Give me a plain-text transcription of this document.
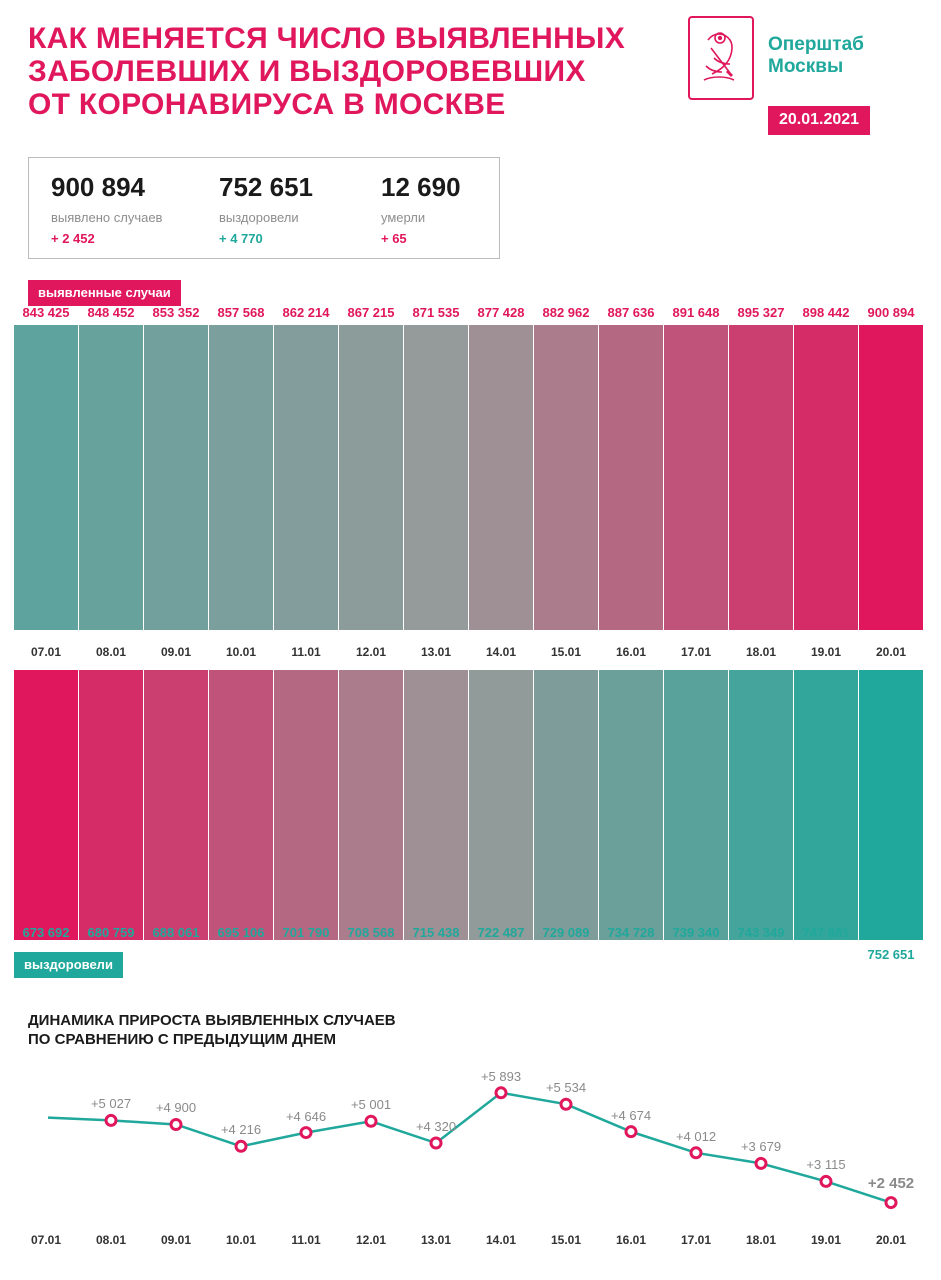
КАК МЕНЯЕТСЯ ЧИСЛО ВЫЯВЛЕННЫХ
ЗАБОЛЕВШИХ И ВЫЗДОРОВЕВШИХ
ОТ КОРОНАВИРУСА В МОСКВЕ
Оперштаб
Москвы
20.01.2021
900 894
выявлено случаев
+ 2 452
752 651
выздоровели
+ 4 770
12 690
умерли
+ 65
выявленные случаи
выздоровели
843 425
07.01
673 692
848 452
08.01
680 759
853 352
09.01
688 061
857 568
10.01
695 106
862 214
11.01
701 790
867 215
12.01
708 568
871 535
13.01
715 438
877 428
14.01
722 487
882 962
15.01
729 089
887 636
16.01
734 728
891 648
17.01
739 340
895 327
18.01
743 349
898 442
19.01
747 881
900 894
20.01
752 651
ДИНАМИКА ПРИРОСТА ВЫЯВЛЕННЫХ СЛУЧАЕВ
ПО СРАВНЕНИЮ С ПРЕДЫДУЩИМ ДНЕМ
+5 027	+4 900
+4 216
+4 646
+5 001
+4 320
+5 893
+5 534
+4 674
+4 012
+3 679
+3 115
+2 452
07.01	08.01	09.01	10.01	11.01	12.01	13.01	14.01	15.01	16.01	17.01	18.01	19.01	20.01
